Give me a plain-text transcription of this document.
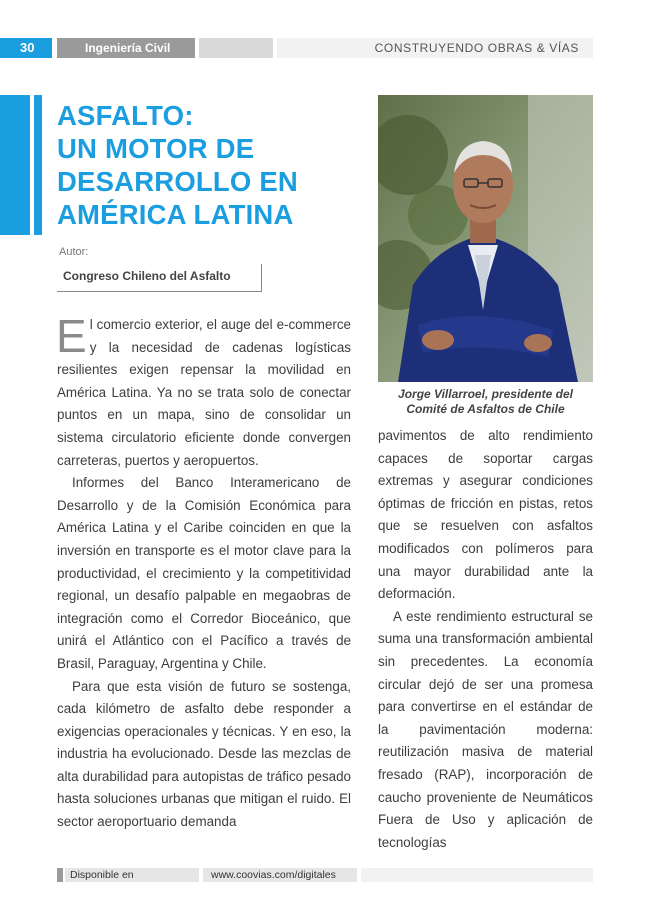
30	Ingeniería Civil	CONSTRUYENDO OBRAS & VÍAS
ASFALTO:
UN MOTOR DE
DESARROLLO EN
AMÉRICA LATINA
Autor:
Congreso Chileno del Asfalto
Jorge Villarroel, presidente del Comité de Asfaltos de Chile

El comercio exterior, el auge del e-commerce y la necesidad de cadenas logísticas resilientes exigen repensar la movilidad en América Latina. Ya no se trata solo de conectar puntos en un mapa, sino de consolidar un sistema circulatorio eficiente donde convergen carreteras, puertos y aeropuertos.

Informes del Banco Interamericano de Desarrollo y de la Comisión Económica para América Latina y el Caribe coinciden en que la inversión en transporte es el motor clave para la productividad, el crecimiento y la competitividad regional, un desafío palpable en megaobras de integración como el Corredor Bioceánico, que unirá el Atlántico con el Pacífico a través de Brasil, Paraguay, Argentina y Chile.

Para que esta visión de futuro se sostenga, cada kilómetro de asfalto debe responder a exigencias operacionales y técnicas. Y en eso, la industria ha evolucionado. Desde las mezclas de alta durabilidad para autopistas de tráfico pesado hasta soluciones urbanas que mitigan el ruido. El sector aeroportuario demanda

pavimentos de alto rendimiento capaces de soportar cargas extremas y asegurar condiciones óptimas de fricción en pistas, retos que se resuelven con asfaltos modificados con polímeros para una mayor durabilidad ante la deformación.

A este rendimiento estructural se suma una transformación ambiental sin precedentes. La economía circular dejó de ser una promesa para convertirse en el estándar de la pavimentación moderna: reutilización masiva de material fresado (RAP), incorporación de caucho proveniente de Neumáticos Fuera de Uso y aplicación de tecnologías

Disponible en	www.coovias.com/digitales
